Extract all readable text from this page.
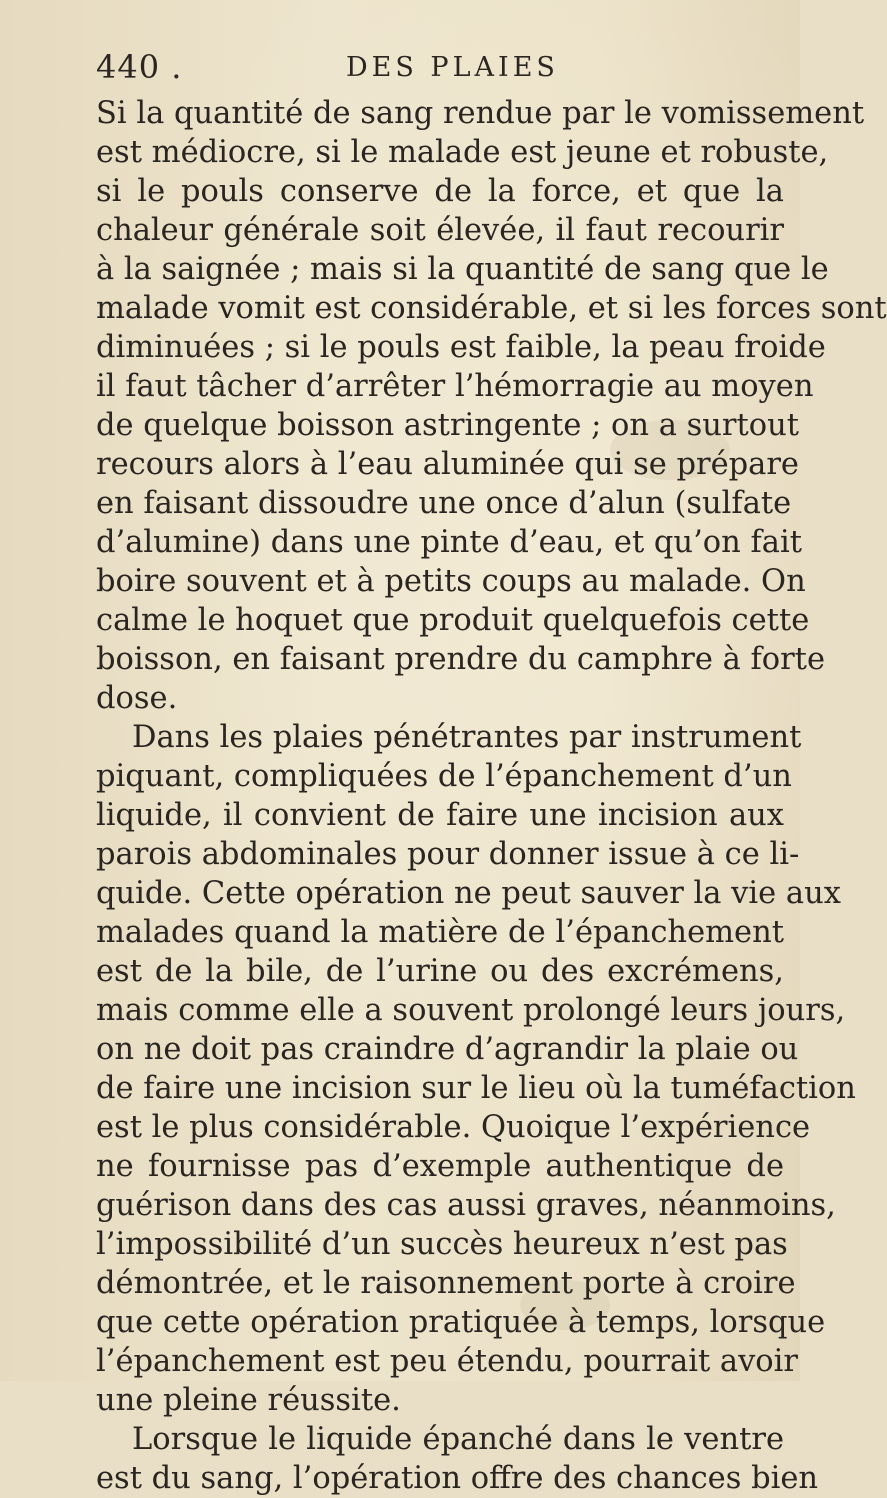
440 .	DES PLAIES
Si la quantité de sang rendue par le vomissement
est médiocre, si le malade est jeune et robuste,
si le pouls conserve de la force, et que la
chaleur générale soit élevée, il faut recourir
à la saignée ; mais si la quantité de sang que le
malade vomit est considérable, et si les forces sont
diminuées ; si le pouls est faible, la peau froide
il faut tâcher d’arrêter l’hémorragie au moyen
de quelque boisson astringente ; on a surtout
recours alors à l’eau aluminée qui se prépare
en faisant dissoudre une once d’alun (sulfate
d’alumine) dans une pinte d’eau, et qu’on fait
boire souvent et à petits coups au malade. On
calme le hoquet que produit quelquefois cette
boisson, en faisant prendre du camphre à forte
dose.
Dans les plaies pénétrantes par instrument
piquant, compliquées de l’épanchement d’un
liquide, il convient de faire une incision aux
parois abdominales pour donner issue à ce li-
quide. Cette opération ne peut sauver la vie aux
malades quand la matière de l’épanchement
est de la bile, de l’urine ou des excrémens,
mais comme elle a souvent prolongé leurs jours,
on ne doit pas craindre d’agrandir la plaie ou
de faire une incision sur le lieu où la tuméfaction
est le plus considérable. Quoique l’expérience
ne fournisse pas d’exemple authentique de
guérison dans des cas aussi graves, néanmoins,
l’impossibilité d’un succès heureux n’est pas
démontrée, et le raisonnement porte à croire
que cette opération pratiquée à temps, lorsque
l’épanchement est peu étendu, pourrait avoir
une pleine réussite.
Lorsque le liquide épanché dans le ventre
est du sang, l’opération offre des chances bien
